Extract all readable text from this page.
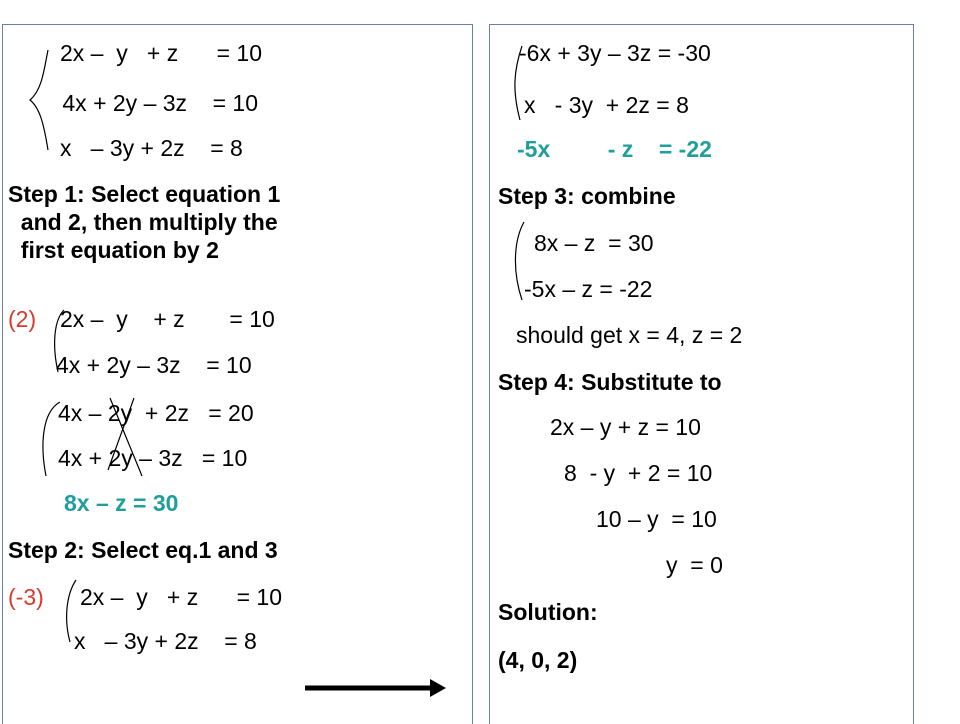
2x –  y   + z      = 10
4x + 2y – 3z    = 10
x   – 3y + 2z    = 8
Step 1: Select equation 1
and 2, then multiply the
first equation by 2
(2) 2x –  y    + z       = 10
4x + 2y – 3z    = 10
4x – 2y  + 2z   = 20
4x + 2y – 3z   = 10
8x – z = 30
Step 2: Select eq.1 and 3
(-3) 2x –  y   + z      = 10
x   – 3y + 2z    = 8
-6x + 3y – 3z = -30
x   - 3y  + 2z = 8
-5x         - z    = -22
Step 3: combine
8x – z  = 30
-5x – z = -22
should get x = 4, z = 2
Step 4: Substitute to
2x – y + z = 10
8  - y  + 2 = 10
10 – y  = 10
y  = 0
Solution:
(4, 0, 2)
